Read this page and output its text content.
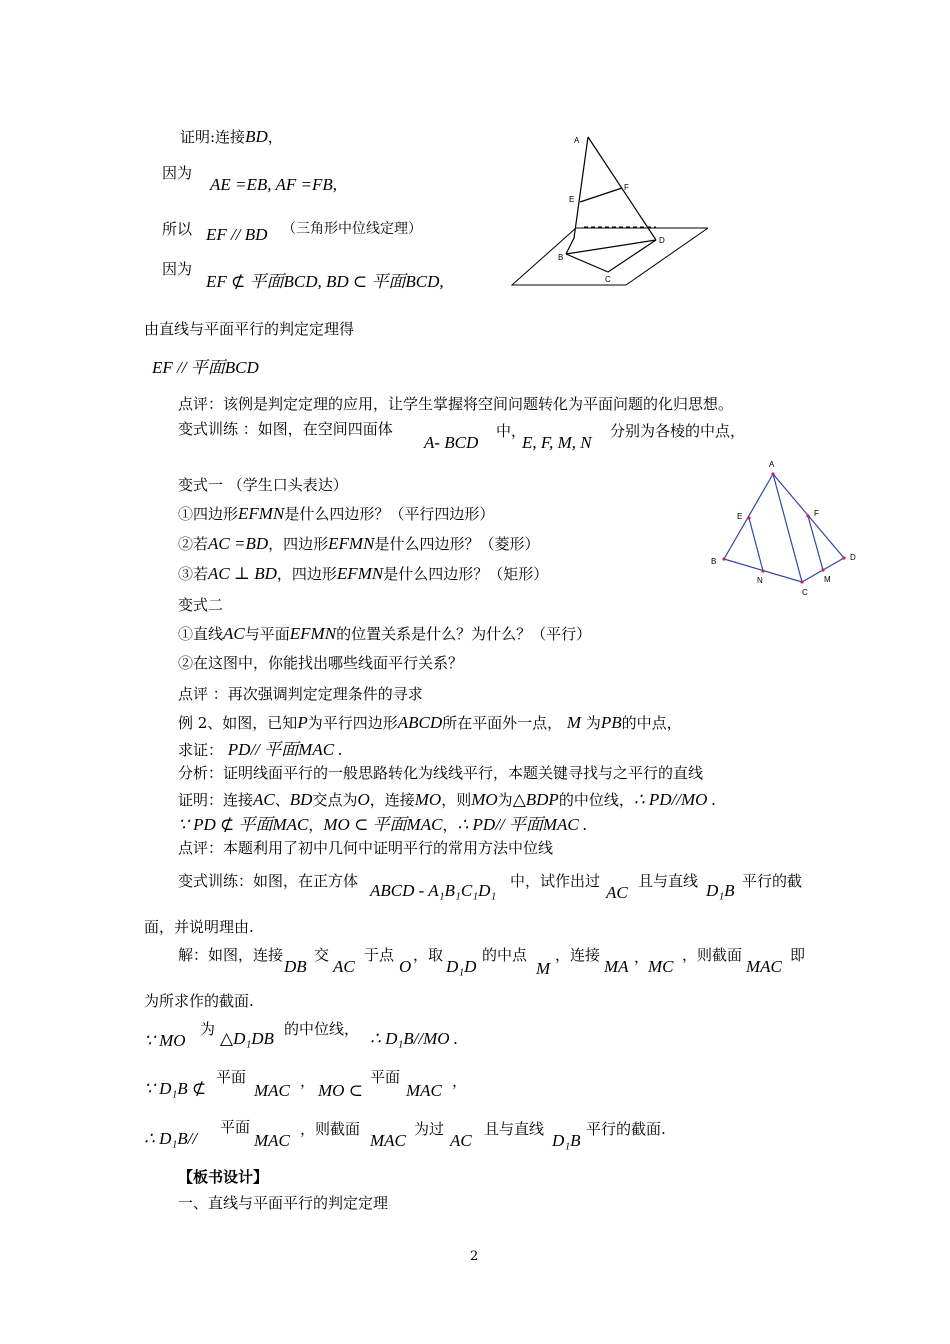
证明:连接BD，
因为
AE =EB, AF =FB,
所以 EF // BD （三角形中位线定理）
因为
EF ⊄ 平面BCD, BD ⊂ 平面BCD,
A
E
F
B
C
D
由直线与平面平行的判定定理得
EF // 平面BCD
点评：该例是判定定理的应用，让学生掌握将空间问题转化为平面问题的化归思想。
变式训练 ：如图，在空间四面体
A- BCD
中，
E, F, M, N
分别为各棱的中点，
A
E	F
B
N
C
M
D
变式一 （学生口头表达）
①四边形EFMN是什么四边形？（平行四边形）
②若AC =BD，四边形EFMN是什么四边形？（菱形）
③若AC ⊥ BD，四边形EFMN是什么四边形？（矩形）
变式二
①直线AC与平面EFMN的位置关系是什么？为什么？（平行）
②在这图中，你能找出哪些线面平行关系？
点评 ：再次强调判定定理条件的寻求
例 2、如图，已知P为平行四边形ABCD所在平面外一点， M 为PB的中点，
求证： PD// 平面MAC .
分析：证明线面平行的一般思路转化为线线平行，本题关键寻找与之平行的直线
证明：连接AC、BD交点为O，连接MO，则MO为△BDP的中位线，∴ PD//MO .
∵ PD ⊄ 平面MAC，MO ⊂ 平面MAC，∴ PD// 平面MAC .
点评：本题利用了初中几何中证明平行的常用方法中位线
变式训练：如图，在正方体 ABCD - A₁B₁C₁D₁ 中，试作出过
AC
且与直线 D₁B 平行的截
面，并说明理由.
解：如图，连接
DB
交
AC
于点
O
，取
D₁D
的中点
M
，连接
MA ，
MC
，则截面
MAC
即
为所求作的截面.
∵ MO
为 △D₁DB 的中位线， ∴ D₁B//MO .
∵ D₁B ⊄
平面
MAC ， MO ⊂
平面
MAC ，
∴ D₁B//
平面
MAC
，则截面
MAC
为过
AC
且与直线
D₁B
平行的截面.
【板书设计】
一、直线与平面平行的判定定理
2
